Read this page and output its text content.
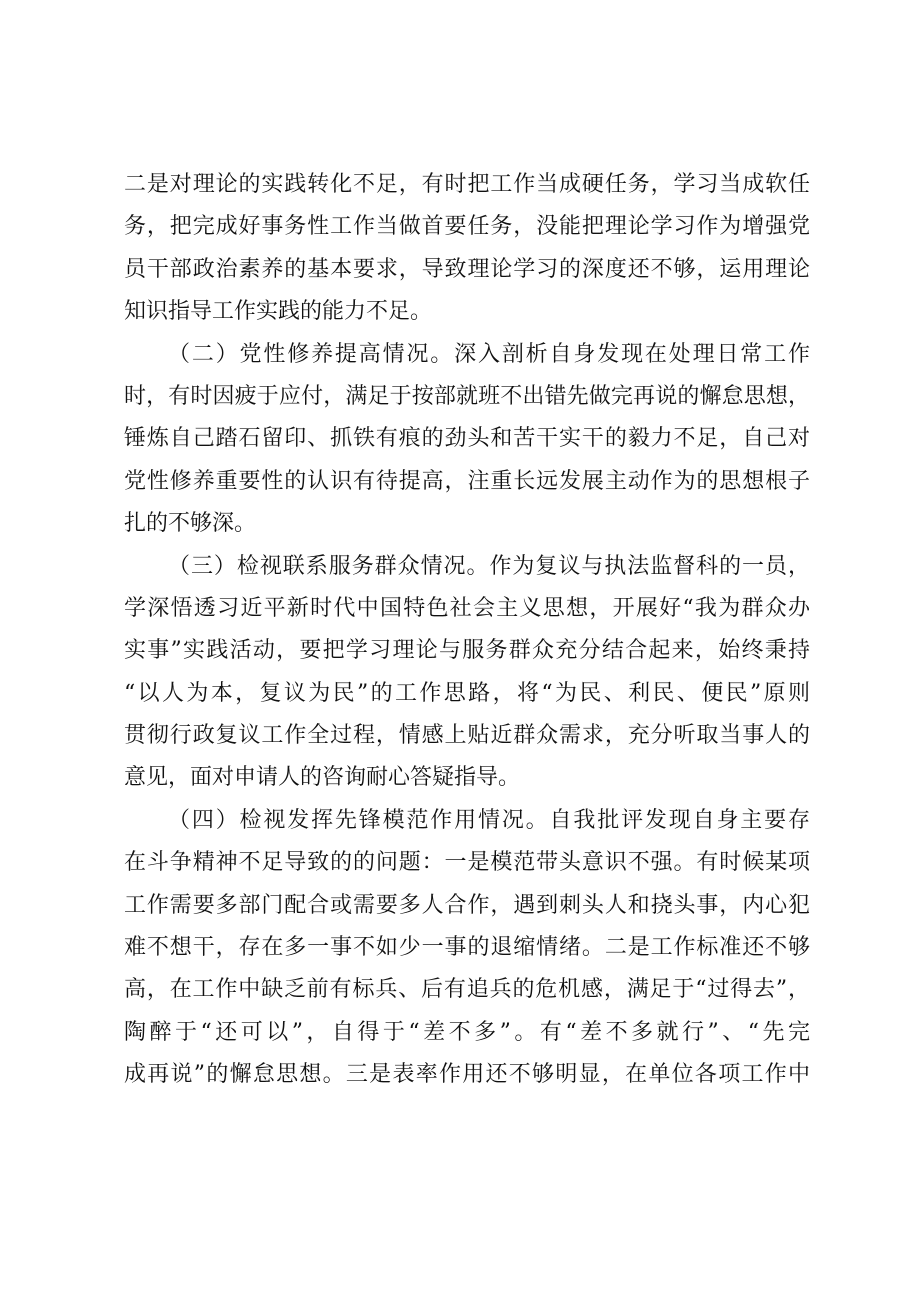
二是对理论的实践转化不足，有时把工作当成硬任务，学习当成软任
务，把完成好事务性工作当做首要任务，没能把理论学习作为增强党
员干部政治素养的基本要求，导致理论学习的深度还不够，运用理论
知识指导工作实践的能力不足。
（二）党性修养提高情况。深入剖析自身发现在处理日常工作
时，有时因疲于应付，满足于按部就班不出错先做完再说的懈怠思想，
锤炼自己踏石留印、抓铁有痕的劲头和苦干实干的毅力不足，自己对
党性修养重要性的认识有待提高，注重长远发展主动作为的思想根子
扎的不够深。
（三）检视联系服务群众情况。作为复议与执法监督科的一员，
学深悟透习近平新时代中国特色社会主义思想，开展好“我为群众办
实事”实践活动，要把学习理论与服务群众充分结合起来，始终秉持
“以人为本，复议为民”的工作思路，将“为民、利民、便民”原则
贯彻行政复议工作全过程，情感上贴近群众需求，充分听取当事人的
意见，面对申请人的咨询耐心答疑指导。
（四）检视发挥先锋模范作用情况。自我批评发现自身主要存
在斗争精神不足导致的的问题：一是模范带头意识不强。有时候某项
工作需要多部门配合或需要多人合作，遇到刺头人和挠头事，内心犯
难不想干，存在多一事不如少一事的退缩情绪。二是工作标准还不够
高，在工作中缺乏前有标兵、后有追兵的危机感，满足于“过得去”，
陶醉于“还可以”，自得于“差不多”。有“差不多就行”、“先完
成再说”的懈怠思想。三是表率作用还不够明显，在单位各项工作中
